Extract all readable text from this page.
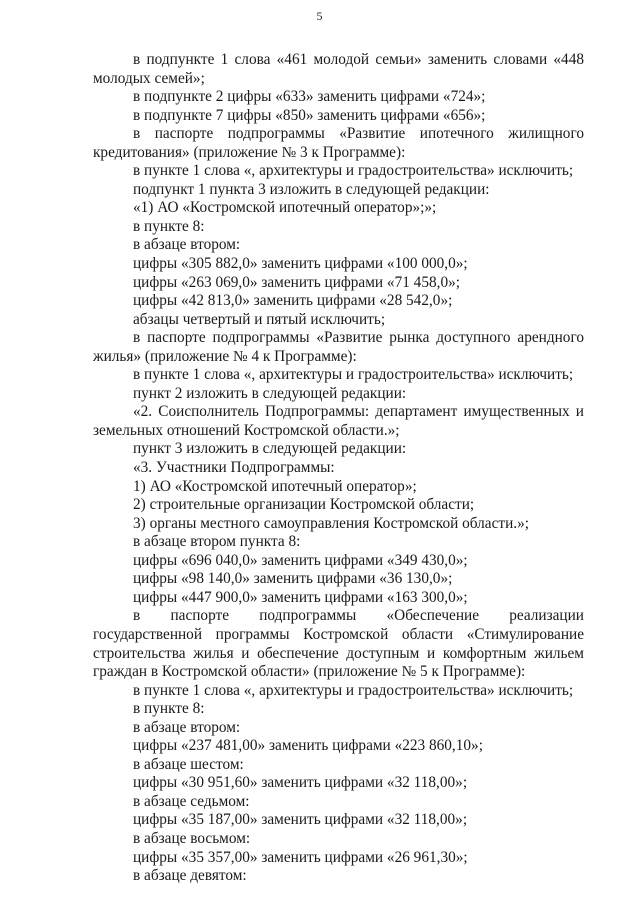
5

в подпункте 1 слова «461 молодой семьи» заменить словами «448 молодых семей»;

в подпункте 2 цифры «633» заменить цифрами «724»;

в подпункте 7 цифры «850» заменить цифрами «656»;

в паспорте подпрограммы «Развитие ипотечного жилищного кредитования» (приложение № 3 к Программе):

в пункте 1 слова «, архитектуры и градостроительства» исключить;

подпункт 1 пункта 3 изложить в следующей редакции:

«1) АО «Костромской ипотечный оператор»;»;

в пункте 8:

в абзаце втором:

цифры «305 882,0» заменить цифрами «100 000,0»;

цифры «263 069,0» заменить цифрами «71 458,0»;

цифры «42 813,0» заменить цифрами «28 542,0»;

абзацы четвертый и пятый исключить;

в паспорте подпрограммы «Развитие рынка доступного арендного жилья» (приложение № 4 к Программе):

в пункте 1 слова «, архитектуры и градостроительства» исключить;

пункт 2 изложить в следующей редакции:

«2. Соисполнитель Подпрограммы: департамент имущественных и земельных отношений Костромской области.»;

пункт 3 изложить в следующей редакции:

«3. Участники Подпрограммы:

1) АО «Костромской ипотечный оператор»;

2) строительные организации Костромской области;

3) органы местного самоуправления Костромской области.»;

в абзаце втором пункта 8:

цифры «696 040,0» заменить цифрами «349 430,0»;

цифры «98 140,0» заменить цифрами «36 130,0»;

цифры «447 900,0» заменить цифрами «163 300,0»;

в паспорте подпрограммы «Обеспечение реализации государственной программы Костромской области «Стимулирование строительства жилья и обеспечение доступным и комфортным жильем граждан в Костромской области» (приложение № 5 к Программе):

в пункте 1 слова «, архитектуры и градостроительства» исключить;

в пункте 8:

в абзаце втором:

цифры «237 481,00» заменить цифрами «223 860,10»;

в абзаце шестом:

цифры «30 951,60» заменить цифрами «32 118,00»;

в абзаце седьмом:

цифры «35 187,00» заменить цифрами «32 118,00»;

в абзаце восьмом:

цифры «35 357,00» заменить цифрами «26 961,30»;

в абзаце девятом:
